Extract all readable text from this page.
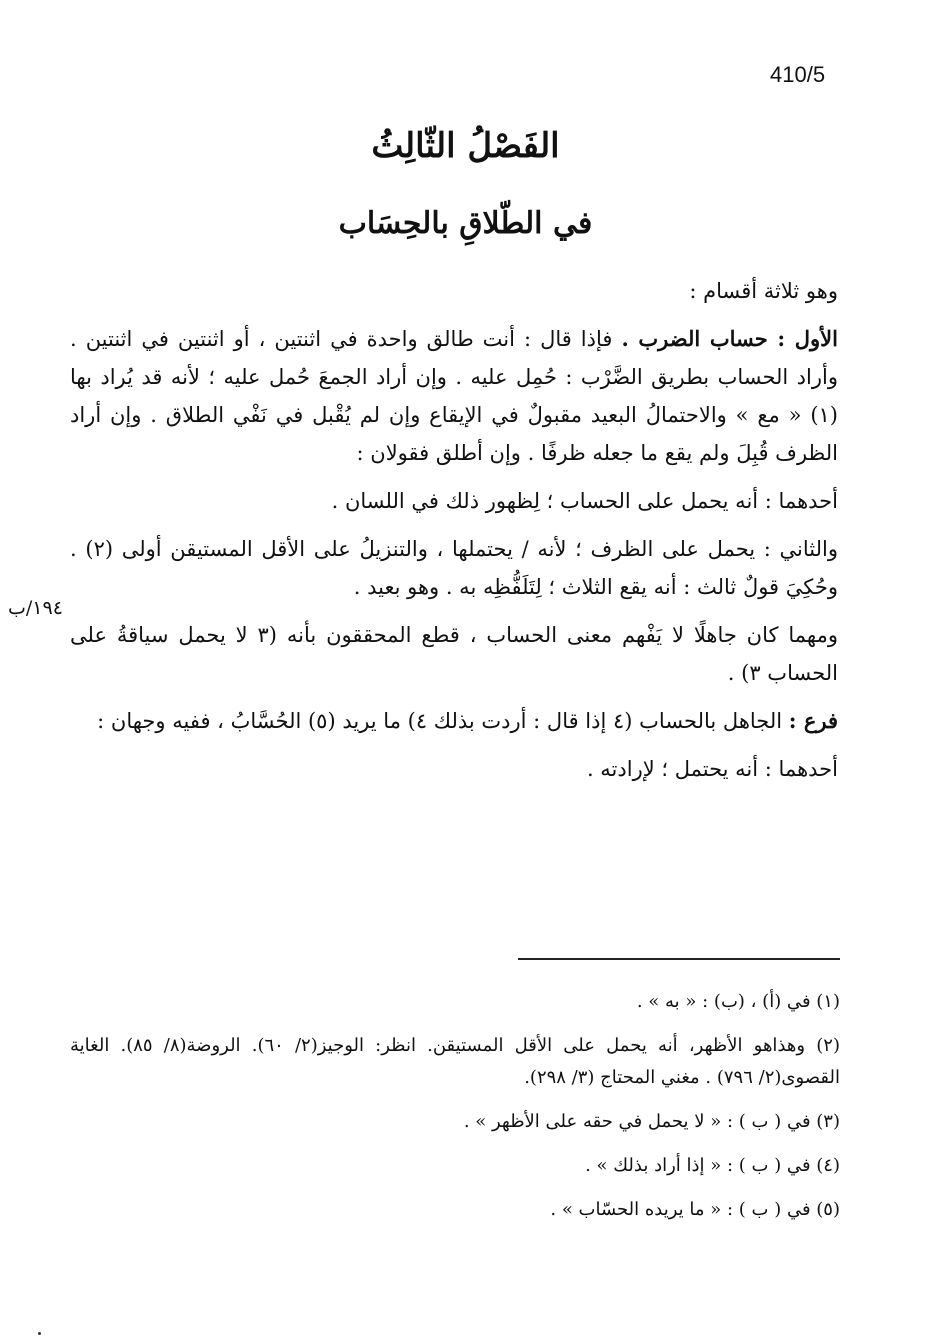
410/5
الفَصْلُ الثّالِثُ
في الطّلاقِ بالحِسَاب

وهو ثلاثة أقسام :

الأول : حساب الضرب . فإذا قال : أنت طالق واحدة في اثنتين ، أو اثنتين في اثنتين . وأراد الحساب بطريق الضَّرْب : حُمِل عليه . وإن أراد الجمعَ حُمل عليه ؛ لأنه قد يُراد بها (١) « مع » والاحتمالُ البعيد مقبولٌ في الإيقاع وإن لم يُقْبل في نَفْي الطلاق . وإن أراد الظرف قُبِلَ ولم يقع ما جعله ظرفًا . وإن أطلق فقولان :

أحدهما : أنه يحمل على الحساب ؛ لِظهور ذلك في اللسان .

والثاني : يحمل على الظرف ؛ لأنه / يحتملها ، والتنزيلُ على الأقل المستيقن أولى (٢) . وحُكِيَ قولٌ ثالث : أنه يقع الثلاث ؛ لِتَلَفُّظِه به . وهو بعيد .

ومهما كان جاهلًا لا يَفْهم معنى الحساب ، قطع المحققون بأنه (٣ لا يحمل سياقةُ على الحساب ٣) .

فرع : الجاهل بالحساب (٤ إذا قال : أردت بذلك ٤) ما يريد (٥) الحُسَّابُ ، ففيه وجهان :

أحدهما : أنه يحتمل ؛ لإرادته .

١٩٤/ب

(١) في (أ) ، (ب) : « به » .

(٢) وهذاهو الأظهر، أنه يحمل على الأقل المستيقن. انظر: الوجيز(٢/ ٦٠). الروضة(٨/ ٨٥). الغاية القصوى(٢/ ٧٩٦) . مغني المحتاج (٣/ ٢٩٨).

(٣) في ( ب ) : « لا يحمل في حقه على الأظهر » .

(٤) في ( ب ) : « إذا أراد بذلك » .

(٥) في ( ب ) : « ما يريده الحسّاب » .
